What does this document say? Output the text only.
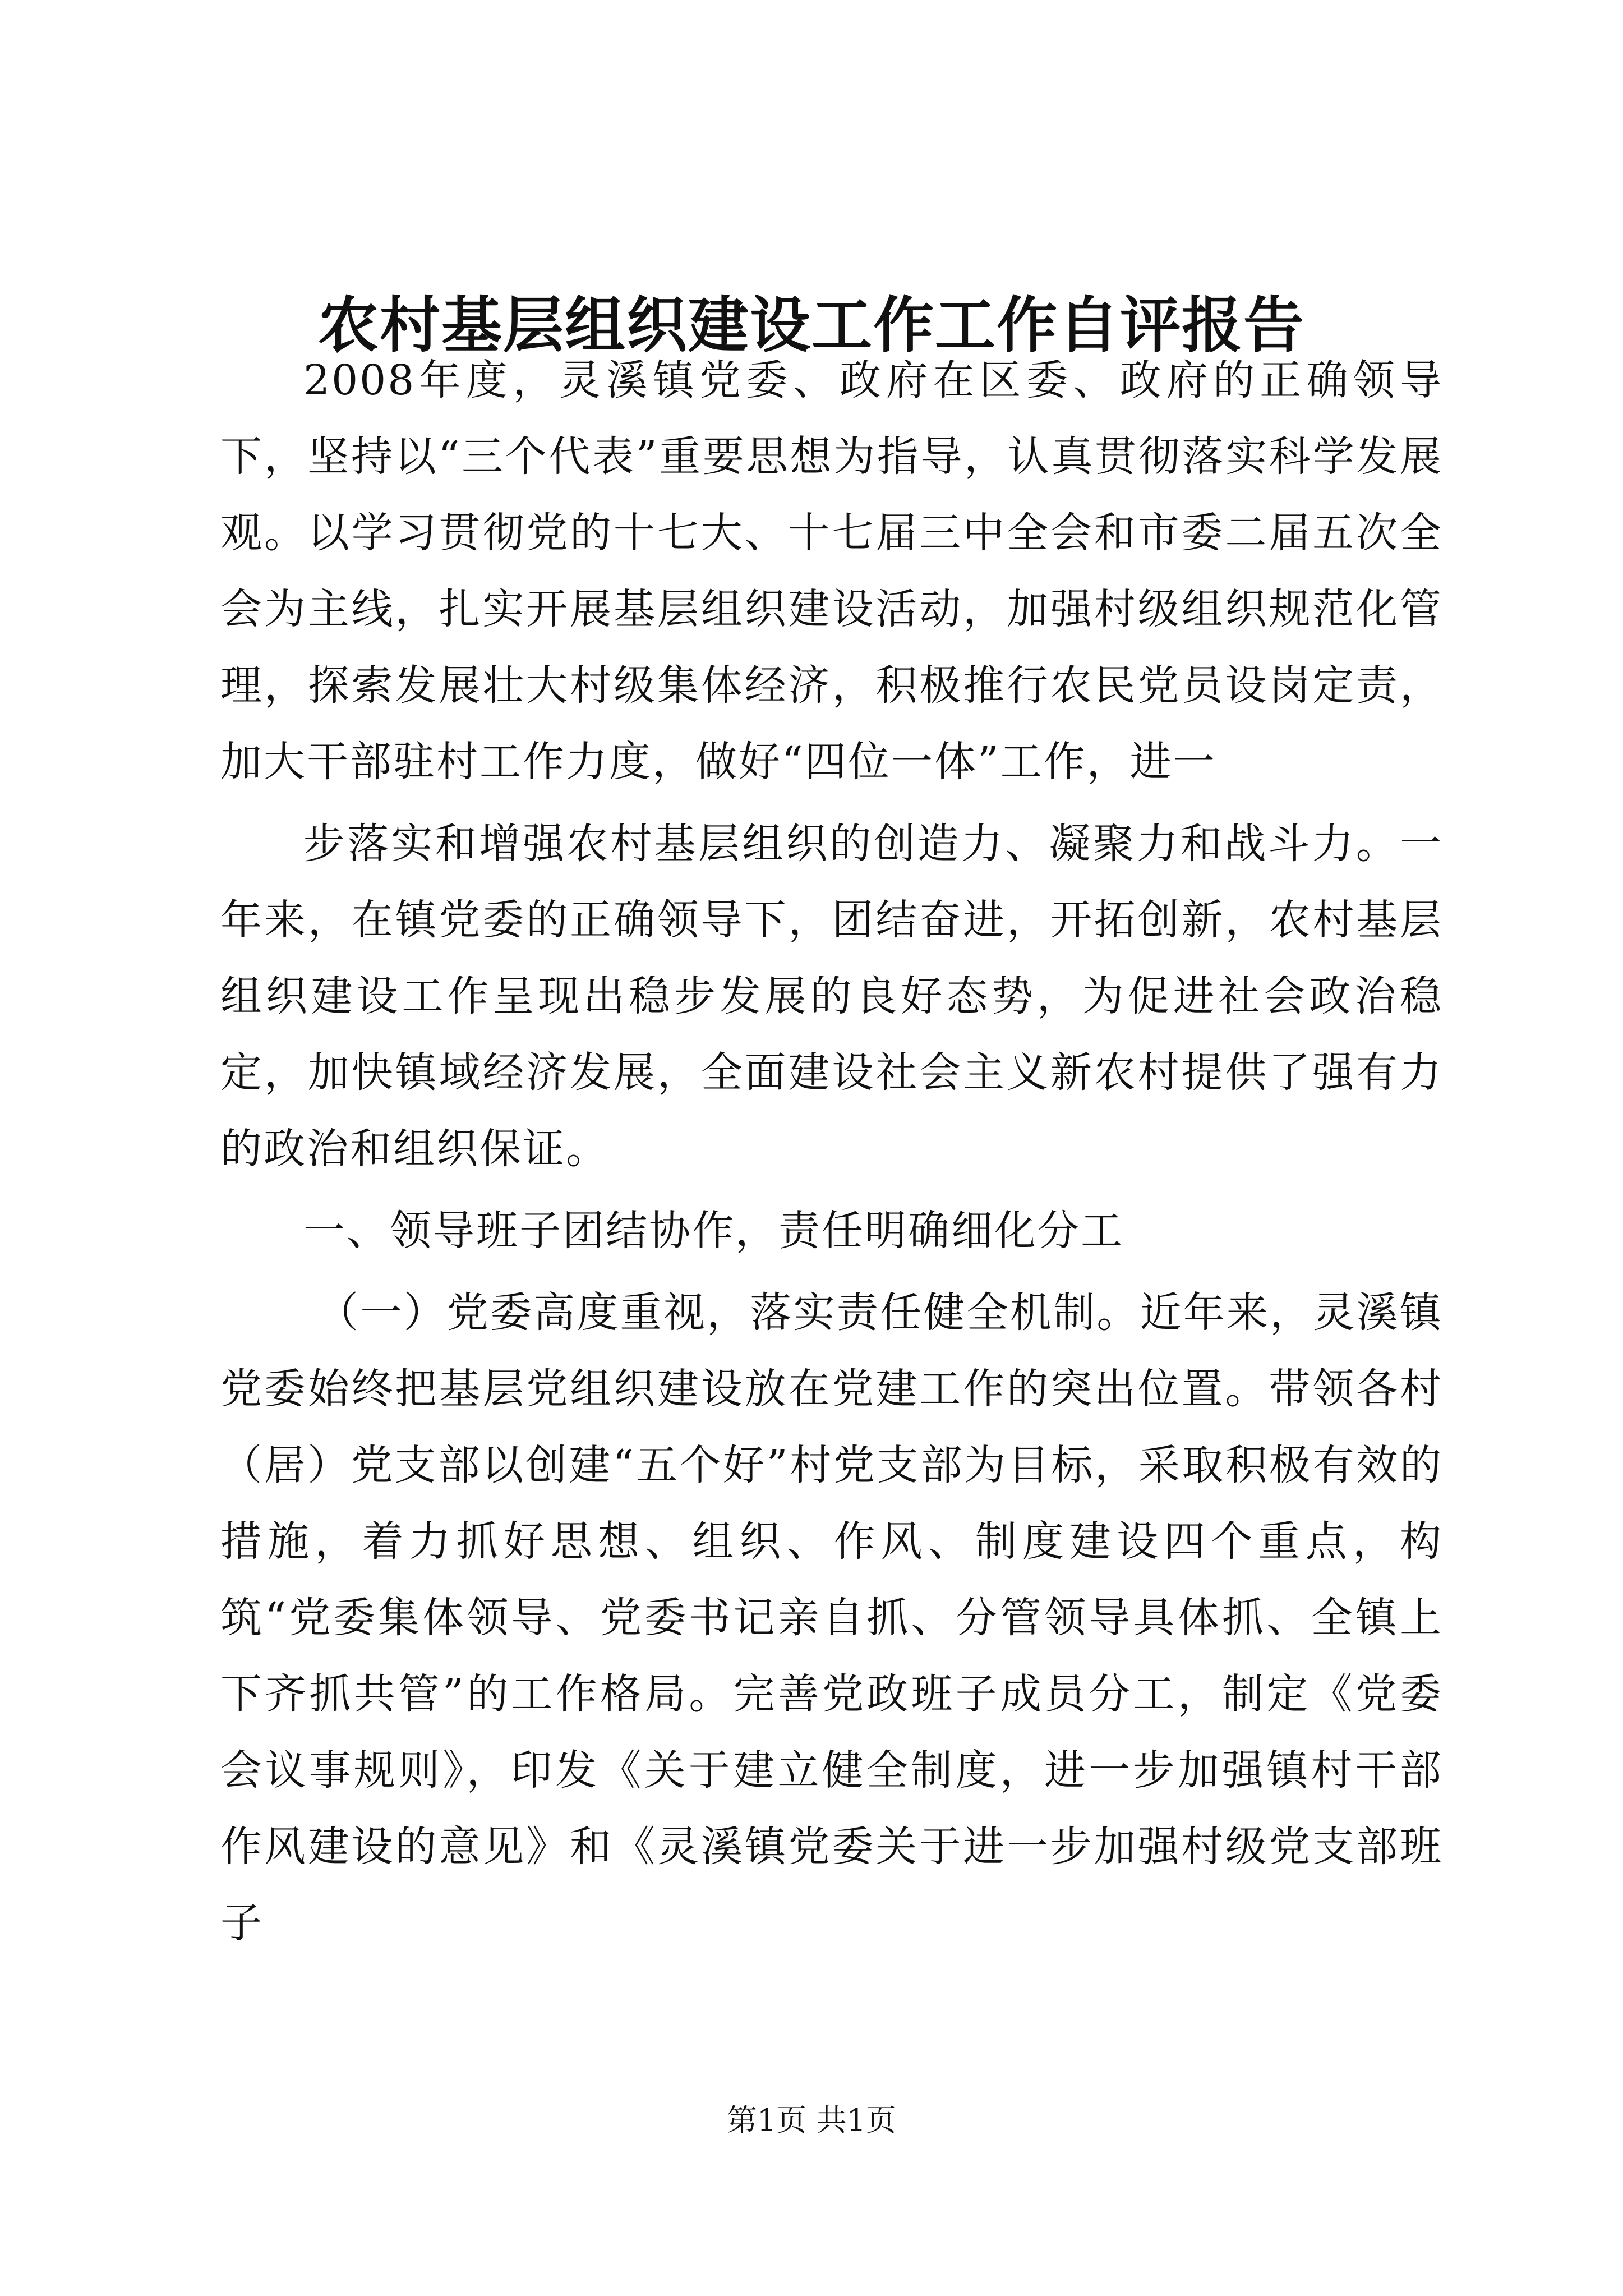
农村基层组织建设工作工作自评报告

2008年度，灵溪镇党委、政府在区委、政府的正确领导下，坚持以“三个代表”重要思想为指导，认真贯彻落实科学发展观。以学习贯彻党的十七大、十七届三中全会和市委二届五次全会为主线，扎实开展基层组织建设活动，加强村级组织规范化管理，探索发展壮大村级集体经济，积极推行农民党员设岗定责，加大干部驻村工作力度，做好“四位一体”工作，进一

步落实和增强农村基层组织的创造力、凝聚力和战斗力。一年来，在镇党委的正确领导下，团结奋进，开拓创新，农村基层组织建设工作呈现出稳步发展的良好态势，为促进社会政治稳定，加快镇域经济发展，全面建设社会主义新农村提供了强有力的政治和组织保证。

一、领导班子团结协作，责任明确细化分工

（一）党委高度重视，落实责任健全机制。近年来，灵溪镇党委始终把基层党组织建设放在党建工作的突出位置。带领各村（居）党支部以创建“五个好”村党支部为目标，采取积极有效的措施，着力抓好思想、组织、作风、制度建设四个重点，构筑“党委集体领导、党委书记亲自抓、分管领导具体抓、全镇上下齐抓共管”的工作格局。完善党政班子成员分工，制定《党委会议事规则》，印发《关于建立健全制度，进一步加强镇村干部作风建设的意见》和《灵溪镇党委关于进一步加强村级党支部班子

第1页 共1页
